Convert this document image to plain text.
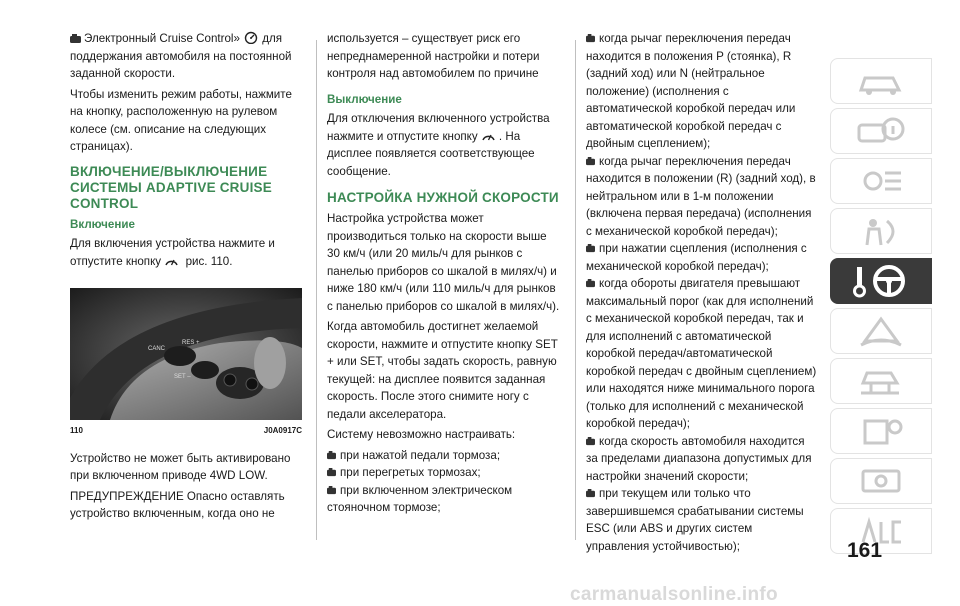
Электронный Cruise Control» для поддержания автомобиля на постоянной заданной скорости.

Чтобы изменить режим работы, нажмите на кнопку, расположенную на рулевом колесе (см. описание на следующих страницах).

ВКЛЮЧЕНИЕ/ВЫКЛЮЧЕНИЕ СИСТЕМЫ ADAPTIVE CRUISE CONTROL
Включение

Для включения устройства нажмите и отпустите кнопку рис. 110.

CANC
RES +
SET –
110	J0A0917C

Устройство не может быть активировано при включенном приводе 4WD LOW.

ПРЕДУПРЕЖДЕНИЕ Опасно оставлять устройство включенным, когда оно не

используется – существует риск его непреднамеренной настройки и потери контроля над автомобилем по причине

Выключение

Для отключения включенного устройства нажмите и отпустите кнопку . На дисплее появляется соответствующее сообщение.

НАСТРОЙКА НУЖНОЙ СКОРОСТИ

Настройка устройства может производиться только на скорости выше 30 км/ч (или 20 миль/ч для рынков с панелью приборов со шкалой в милях/ч) и ниже 180 км/ч (или 110 миль/ч для рынков с панелью приборов со шкалой в милях/ч).

Когда автомобиль достигнет желаемой скорости, нажмите и отпустите кнопку SET + или SET, чтобы задать скорость, равную текущей: на дисплее появится заданная скорость. После этого снимите ногу с педали акселератора.

Систему невозможно настраивать:

при нажатой педали тормоза;
при перегретых тормозах;
при включенном электрическом стояночном тормозе;
когда рычаг переключения передач находится в положения P (стоянка), R (задний ход) или N (нейтральное положение) (исполнения с автоматической коробкой передач или автоматической коробкой передач с двойным сцеплением);
когда рычаг переключения передач находится в положении (R) (задний ход), в нейтральном или в 1-м положении (включена первая передача) (исполнения с механической коробкой передач);
при нажатии сцепления (исполнения с механической коробкой передач);
когда обороты двигателя превышают максимальный порог (как для исполнений с механической коробкой передач, так и для исполнений с автоматической коробкой передач/автоматической коробкой передач с двойным сцеплением) или находятся ниже минимального порога (только для исполнений с механической коробкой передач);
когда скорость автомобиля находится за пределами диапазона допустимых для настройки значений скорости;
при текущем или только что завершившемся срабатывании системы ESC (или ABS и других систем управления устойчивостью);	161
carmanualsonline.info
